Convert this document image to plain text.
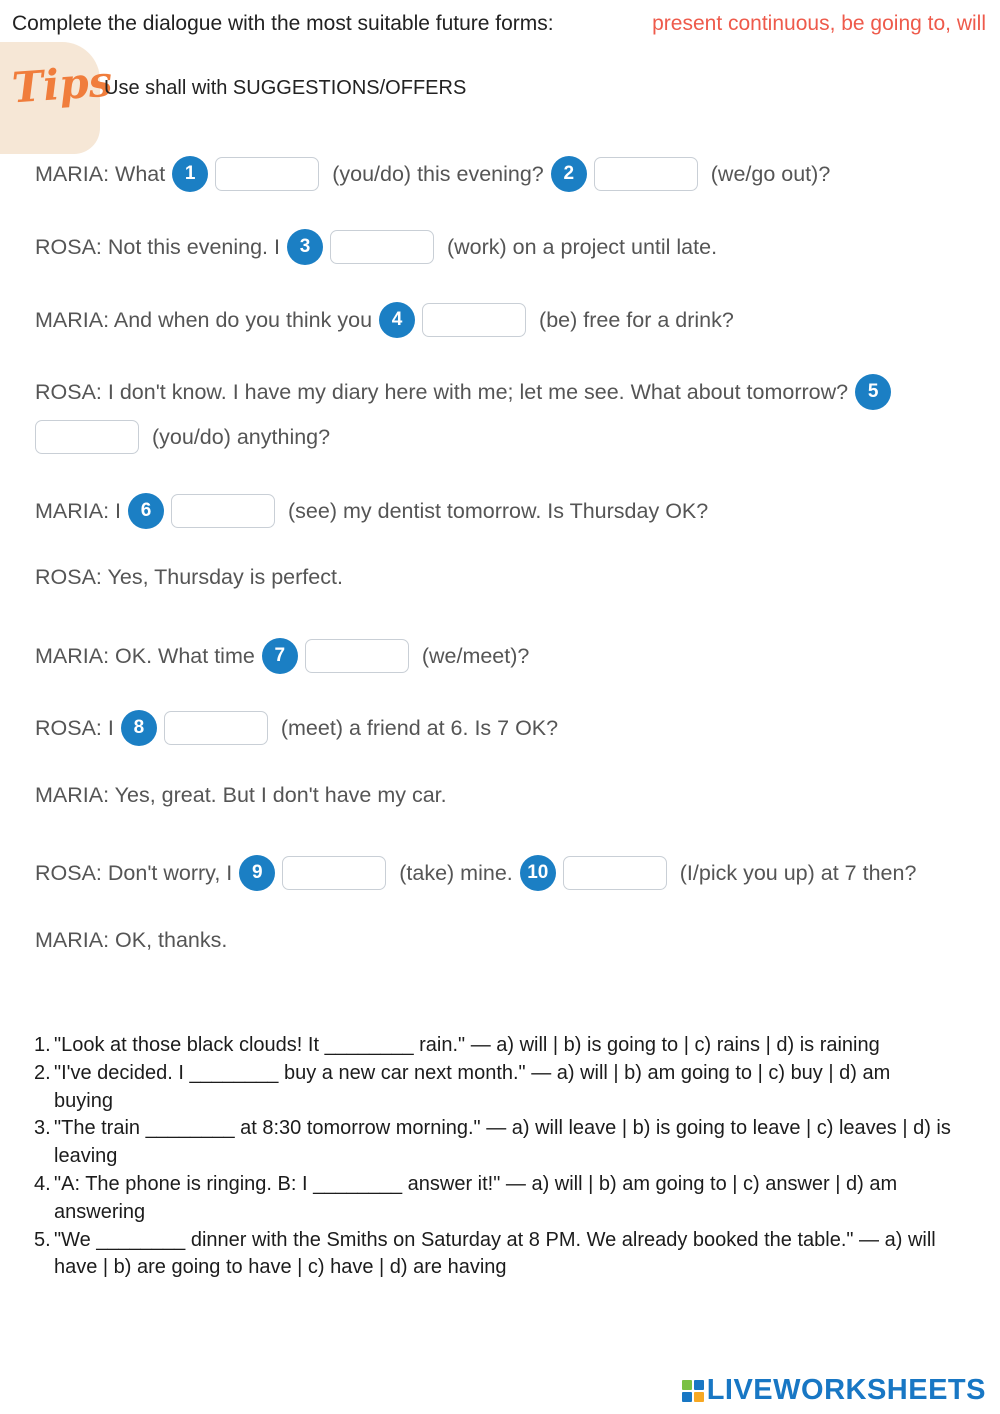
Complete the dialogue with the most suitable future forms:	present continuous, be going to, will
Tips
Use shall with SUGGESTIONS/OFFERS
MARIA: What	1	(you/do) this evening?	2	(we/go out)?
ROSA: Not this evening. I	3	(work) on a project until late.
MARIA: And when do you think you	4	(be) free for a drink?
ROSA: I don't know. I have my diary here with me; let me see. What about tomorrow?	5
(you/do) anything?
MARIA: I	6	(see) my dentist tomorrow. Is Thursday OK?
ROSA: Yes, Thursday is perfect.
MARIA: OK. What time	7	(we/meet)?
ROSA: I	8	(meet) a friend at 6. Is 7 OK?
MARIA: Yes, great. But I don't have my car.
ROSA: Don't worry, I	9	(take) mine. 10	(I/pick you up) at 7 then?
MARIA: OK, thanks.
1. "Look at those black clouds! It ________ rain." — a) will | b) is going to | c) rains | d) is raining
2. "I've decided. I ________ buy a new car next month." — a) will | b) am going to | c) buy | d) am buying
3. "The train ________ at 8:30 tomorrow morning." — a) will leave | b) is going to leave | c) leaves | d) is leaving
4. "A: The phone is ringing. B: I ________ answer it!" — a) will | b) am going to | c) answer | d) am answering
5. "We ________ dinner with the Smiths on Saturday at 8 PM. We already booked the table." — a) will have | b) are going to have | c) have | d) are having
LIVEWORKSHEETS
